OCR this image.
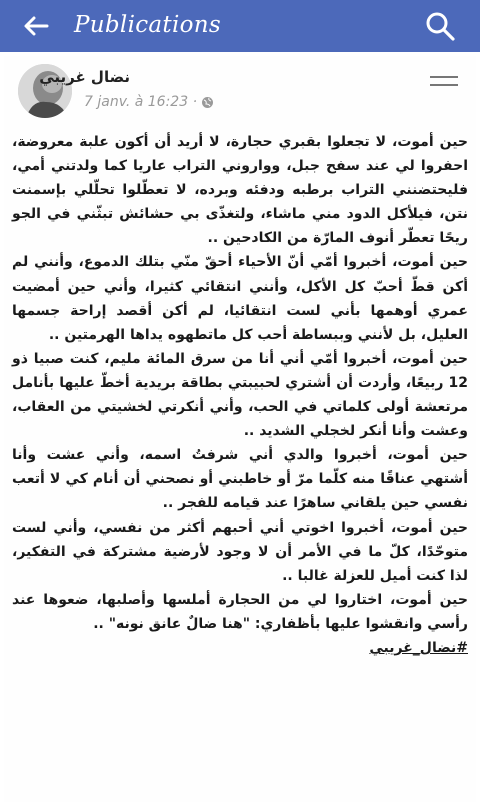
Publications
نضال غريبي
7 janv. à 16:23 ·

حين أموت، لا تجعلوا بقبري حجارة، لا أريد أن أكون علبة معروضة، احفروا لي عند سفح جبل، وواروني التراب عاريا كما ولدتني أمي، فليحتضنني التراب برطبه ودفئه وبرده، لا تعطّلوا تحلّلي بإسمنت نتن، فيلأكل الدود مني ماشاء، ولتغذّى بي حشائش تبثّني في الجو ريحًا تعطّر أنوف المارّة من الكادحين ..

حين أموت، أخبروا أمّي أنّ الأحياء أحقّ منّي بتلك الدموع، وأنني لم أكن قطّ أحبّ كل الأكل، وأنني انتقائي كثيرا، وأني حين أمضيت عمري أوهمها بأني لست انتقائيا، لم أكن أقصد إراحة جسمها العليل، بل لأنني وببساطة أحب كل ماتطهوه يداها الهرمتين ..

حين أموت، أخبروا أمّي أني أنا من سرق المائة مليم، كنت صبيا ذو 12 ربيعًا، وأردت أن أشتري لحبيبتي بطاقة بريدية أخطّ عليها بأنامل مرتعشة أولى كلماتي في الحب، وأني أنكرتي لخشيتي من العقاب، وعشت وأنا أنكر لخجلي الشديد ..

حين أموت، أخبروا والدي أني شرفتُ اسمه، وأني عشت وأنا أشتهي عناقًا منه كلّما مرّ أو خاطبني أو نصحني أن أنام كي لا أتعب نفسي حين يلقاني ساهرًا عند قيامه للفجر ..

حين أموت، أخبروا اخوتي أني أحبهم أكثر من نفسي، وأني لست متوحّدًا، كلّ ما في الأمر أن لا وجود لأرضية مشتركة في التفكير، لذا كنت أميل للعزلة غالبا ..

حين أموت، اختاروا لي من الحجارة أملسها وأصلبها، ضعوها عند رأسي وانقشوا عليها بأظفاري: "هنا ضالٌ عانق نونه" ..

#نضال_غريبي
